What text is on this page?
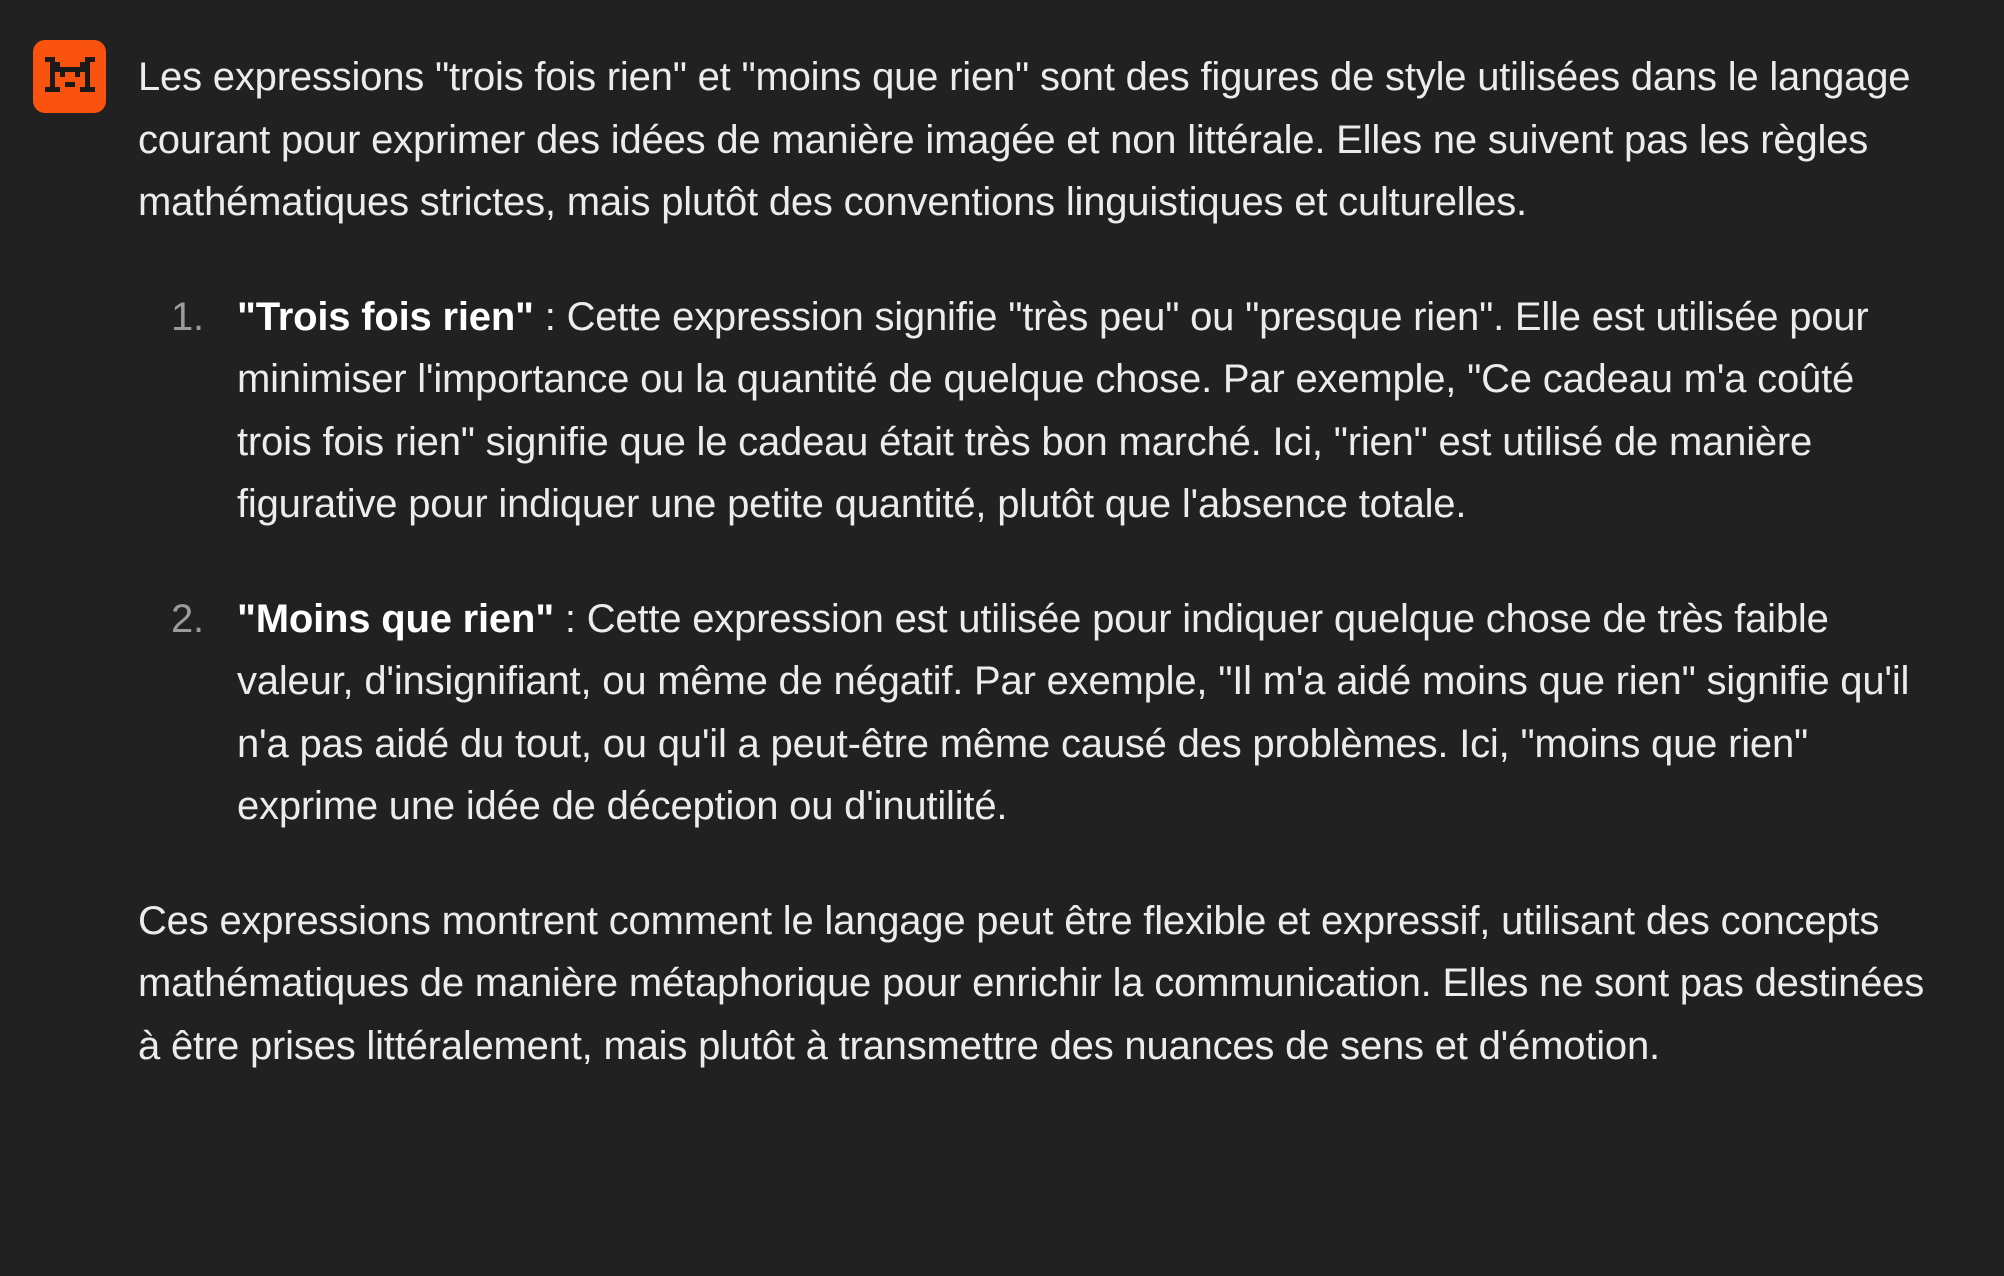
Les expressions "trois fois rien" et "moins que rien" sont des figures de style utilisées dans le langage courant pour exprimer des idées de manière imagée et non littérale. Elles ne suivent pas les règles mathématiques strictes, mais plutôt des conventions linguistiques et culturelles.

1. "Trois fois rien" : Cette expression signifie "très peu" ou "presque rien". Elle est utilisée pour minimiser l'importance ou la quantité de quelque chose. Par exemple, "Ce cadeau m'a coûté trois fois rien" signifie que le cadeau était très bon marché. Ici, "rien" est utilisé de manière figurative pour indiquer une petite quantité, plutôt que l'absence totale.
2. "Moins que rien" : Cette expression est utilisée pour indiquer quelque chose de très faible valeur, d'insignifiant, ou même de négatif. Par exemple, "Il m'a aidé moins que rien" signifie qu'il n'a pas aidé du tout, ou qu'il a peut-être même causé des problèmes. Ici, "moins que rien" exprime une idée de déception ou d'inutilité.

Ces expressions montrent comment le langage peut être flexible et expressif, utilisant des concepts mathématiques de manière métaphorique pour enrichir la communication. Elles ne sont pas destinées à être prises littéralement, mais plutôt à transmettre des nuances de sens et d'émotion.
